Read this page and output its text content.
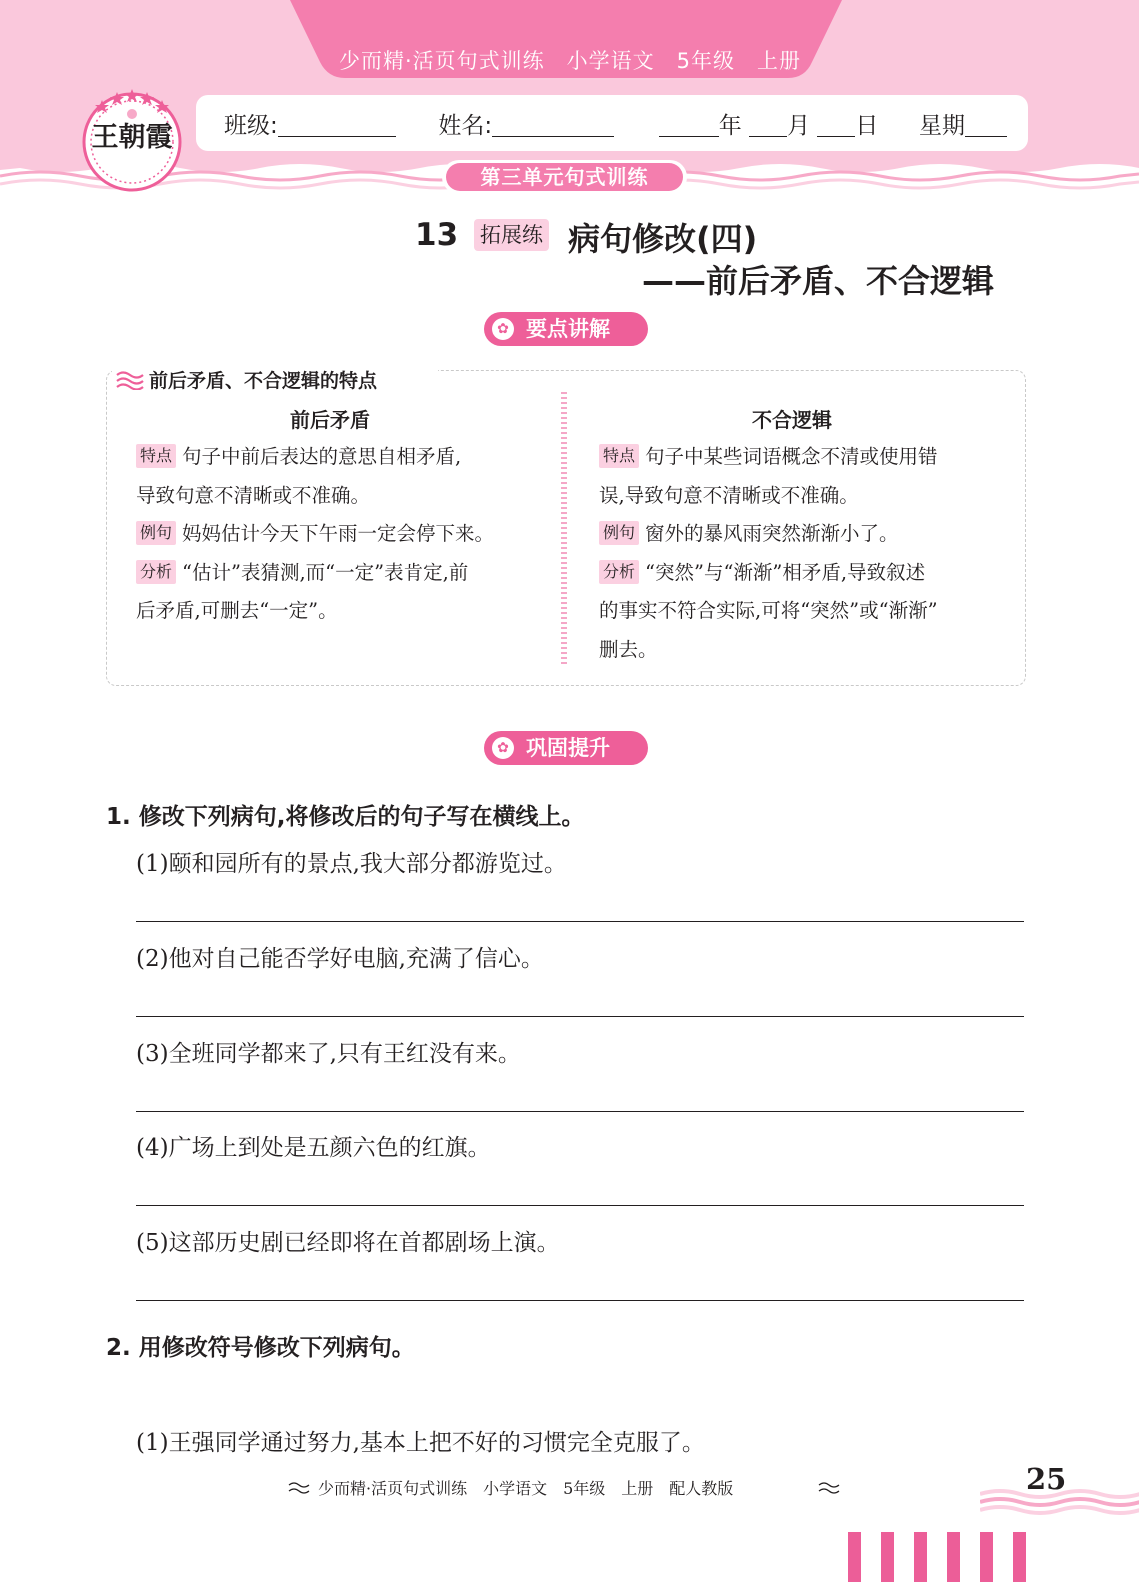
少而精·活页句式训练　小学语文　5年级　上册
王朝霞	班级:	姓名:	年 月 日 星期
第三单元句式训练
13 拓展练 病句修改(四)
——前后矛盾、不合逻辑
✿ 要点讲解
前后矛盾、不合逻辑的特点
前后矛盾
特点 句子中前后表达的意思自相矛盾,
导致句意不清晰或不准确。
例句 妈妈估计今天下午雨一定会停下来。
分析 “估计”表猜测,而“一定”表肯定,前
后矛盾,可删去“一定”。
不合逻辑
特点 句子中某些词语概念不清或使用错
误,导致句意不清晰或不准确。
例句 窗外的暴风雨突然渐渐小了。
分析 “突然”与“渐渐”相矛盾,导致叙述
的事实不符合实际,可将“突然”或“渐渐”
删去。
✿ 巩固提升
1. 修改下列病句,将修改后的句子写在横线上。
(1)颐和园所有的景点,我大部分都游览过。
(2)他对自己能否学好电脑,充满了信心。
(3)全班同学都来了,只有王红没有来。
(4)广场上到处是五颜六色的红旗。
(5)这部历史剧已经即将在首都剧场上演。
2. 用修改符号修改下列病句。
(1)王强同学通过努力,基本上把不好的习惯完全克服了。
少而精·活页句式训练　小学语文　5年级　上册　配人教版	25
